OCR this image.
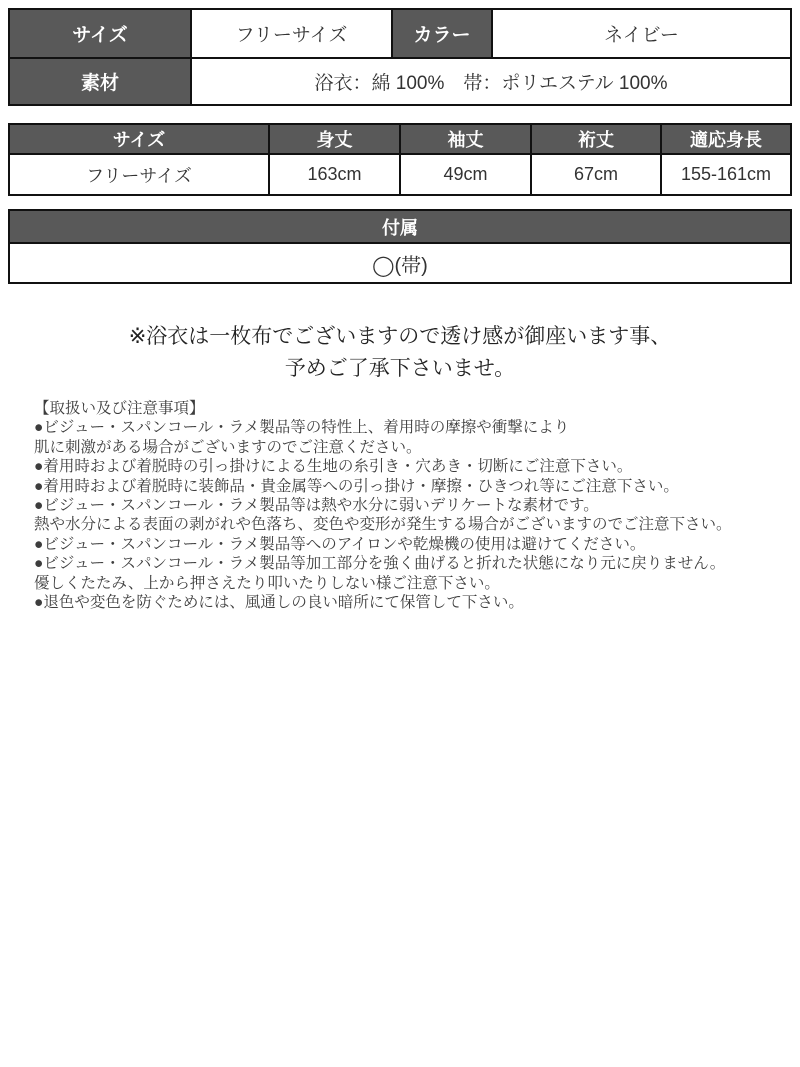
サイズ	フリーサイズ	カラー	ネイビー
素材	浴衣：綿 100%　帯：ポリエステル 100%
サイズ	身丈	袖丈	裄丈	適応身長
フリーサイズ	163cm	49cm	67cm	155-161cm
付属
◯(帯)
※浴衣は一枚布でございますので透け感が御座います事、
予めご了承下さいませ。
【取扱い及び注意事項】
●ビジュー・スパンコール・ラメ製品等の特性上、着用時の摩擦や衝撃により
肌に刺激がある場合がございますのでご注意ください。
●着用時および着脱時の引っ掛けによる生地の糸引き・穴あき・切断にご注意下さい。
●着用時および着脱時に装飾品・貴金属等への引っ掛け・摩擦・ひきつれ等にご注意下さい。
●ビジュー・スパンコール・ラメ製品等は熱や水分に弱いデリケートな素材です。
熱や水分による表面の剥がれや色落ち、変色や変形が発生する場合がございますのでご注意下さい。
●ビジュー・スパンコール・ラメ製品等へのアイロンや乾燥機の使用は避けてください。
●ビジュー・スパンコール・ラメ製品等加工部分を強く曲げると折れた状態になり元に戻りません。
優しくたたみ、上から押さえたり叩いたりしない様ご注意下さい。
●退色や変色を防ぐためには、風通しの良い暗所にて保管して下さい。
